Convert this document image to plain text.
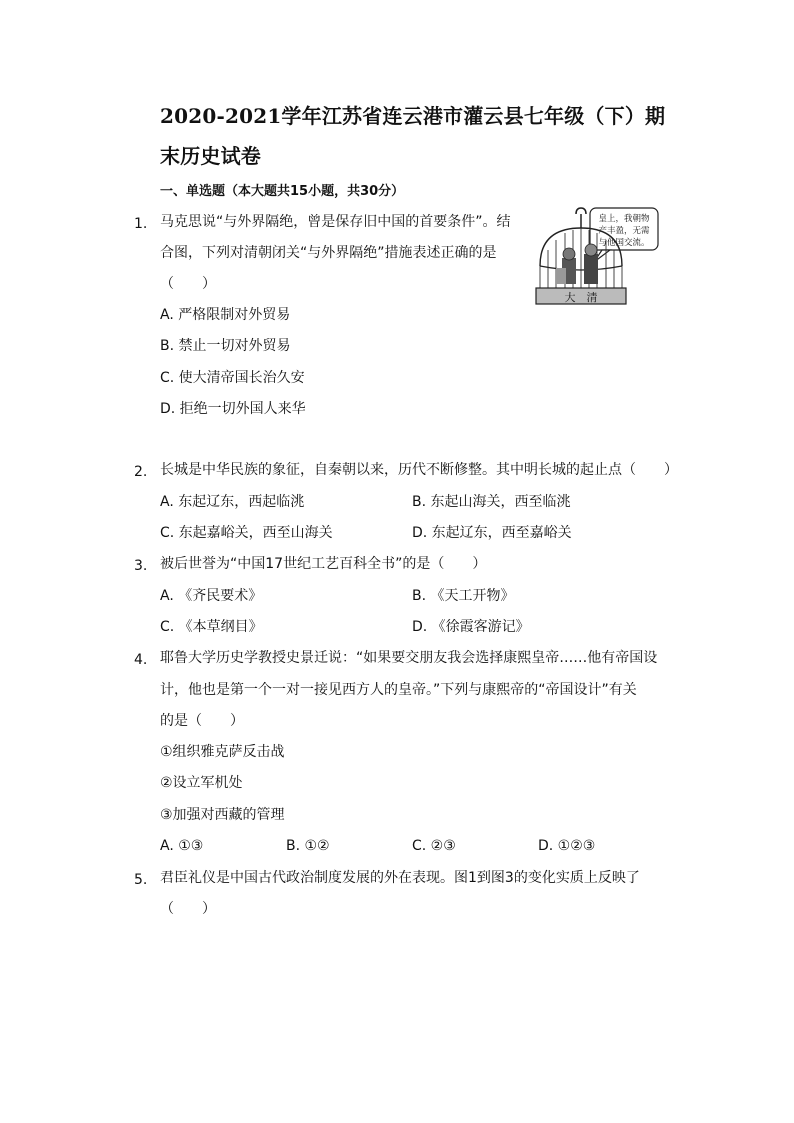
2020-2021学年江苏省连云港市灌云县七年级（下）期
末历史试卷
一、单选题（本大题共15小题，共30分）
1. 马克思说“与外界隔绝，曾是保存旧中国的首要条件”。结
合图，下列对清朝闭关“与外界隔绝”措施表述正确的是
（　　）
A. 严格限制对外贸易
B. 禁止一切对外贸易
C. 使大清帝国长治久安
D. 拒绝一切外国人来华
皇上，我朝物
产丰盈，无需
与他国交流。
大　清
2. 长城是中华民族的象征，自秦朝以来，历代不断修整。其中明长城的起止点（　　）
A. 东起辽东，西起临洮	B. 东起山海关，西至临洮
C. 东起嘉峪关，西至山海关	D. 东起辽东，西至嘉峪关
3. 被后世誉为“中国17世纪工艺百科全书”的是（　　）
A. 《齐民要术》	B. 《天工开物》
C. 《本草纲目》	D. 《徐霞客游记》
4. 耶鲁大学历史学教授史景迁说：“如果要交朋友我会选择康熙皇帝……他有帝国设
计，他也是第一个一对一接见西方人的皇帝。”下列与康熙帝的“帝国设计”有关
的是（　　）
①组织雅克萨反击战
②设立军机处
③加强对西藏的管理
A. ①③	B. ①②	C. ②③	D. ①②③
5. 君臣礼仪是中国古代政治制度发展的外在表现。图1到图3的变化实质上反映了
（　　）
